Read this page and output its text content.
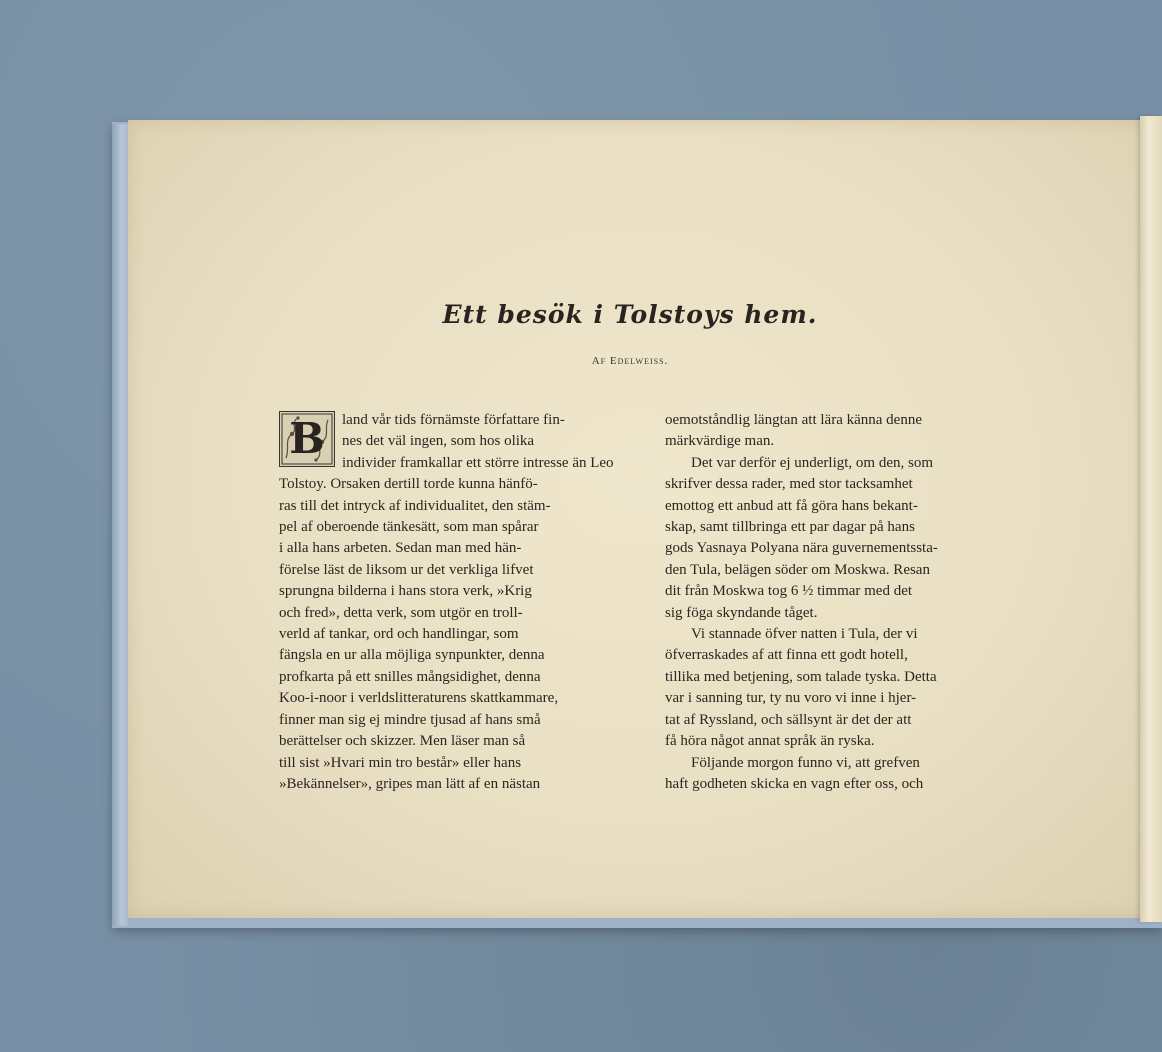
Ett besök i Tolstoys hem.

Af Edelweiss.

B	land vår tids förnämste författare fin-

nes det väl ingen, som hos olika

individer framkallar ett större intresse än Leo

Tolstoy. Orsaken dertill torde kunna hänfö-

ras till det intryck af individualitet, den stäm-

pel af oberoende tänkesätt, som man spårar

i alla hans arbeten. Sedan man med hän-

förelse läst de liksom ur det verkliga lifvet

sprungna bilderna i hans stora verk, »Krig

och fred», detta verk, som utgör en troll-

verld af tankar, ord och handlingar, som

fängsla en ur alla möjliga synpunkter, denna

profkarta på ett snilles mångsidighet, denna

Koo-i-noor i verldslitteraturens skattkammare,

finner man sig ej mindre tjusad af hans små

berättelser och skizzer. Men läser man så

till sist »Hvari min tro består» eller hans

»Bekännelser», gripes man lätt af en nästan

oemotståndlig längtan att lära känna denne

märkvärdige man.

Det var derför ej underligt, om den, som

skrifver dessa rader, med stor tacksamhet

emottog ett anbud att få göra hans bekant-

skap, samt tillbringa ett par dagar på hans

gods Yasnaya Polyana nära guvernementssta-

den Tula, belägen söder om Moskwa. Resan

dit från Moskwa tog 6 ½ timmar med det

sig föga skyndande tåget.

Vi stannade öfver natten i Tula, der vi

öfverraskades af att finna ett godt hotell,

tillika med betjening, som talade tyska. Detta

var i sanning tur, ty nu voro vi inne i hjer-

tat af Ryssland, och sällsynt är det der att

få höra något annat språk än ryska.

Följande morgon funno vi, att grefven

haft godheten skicka en vagn efter oss, och
